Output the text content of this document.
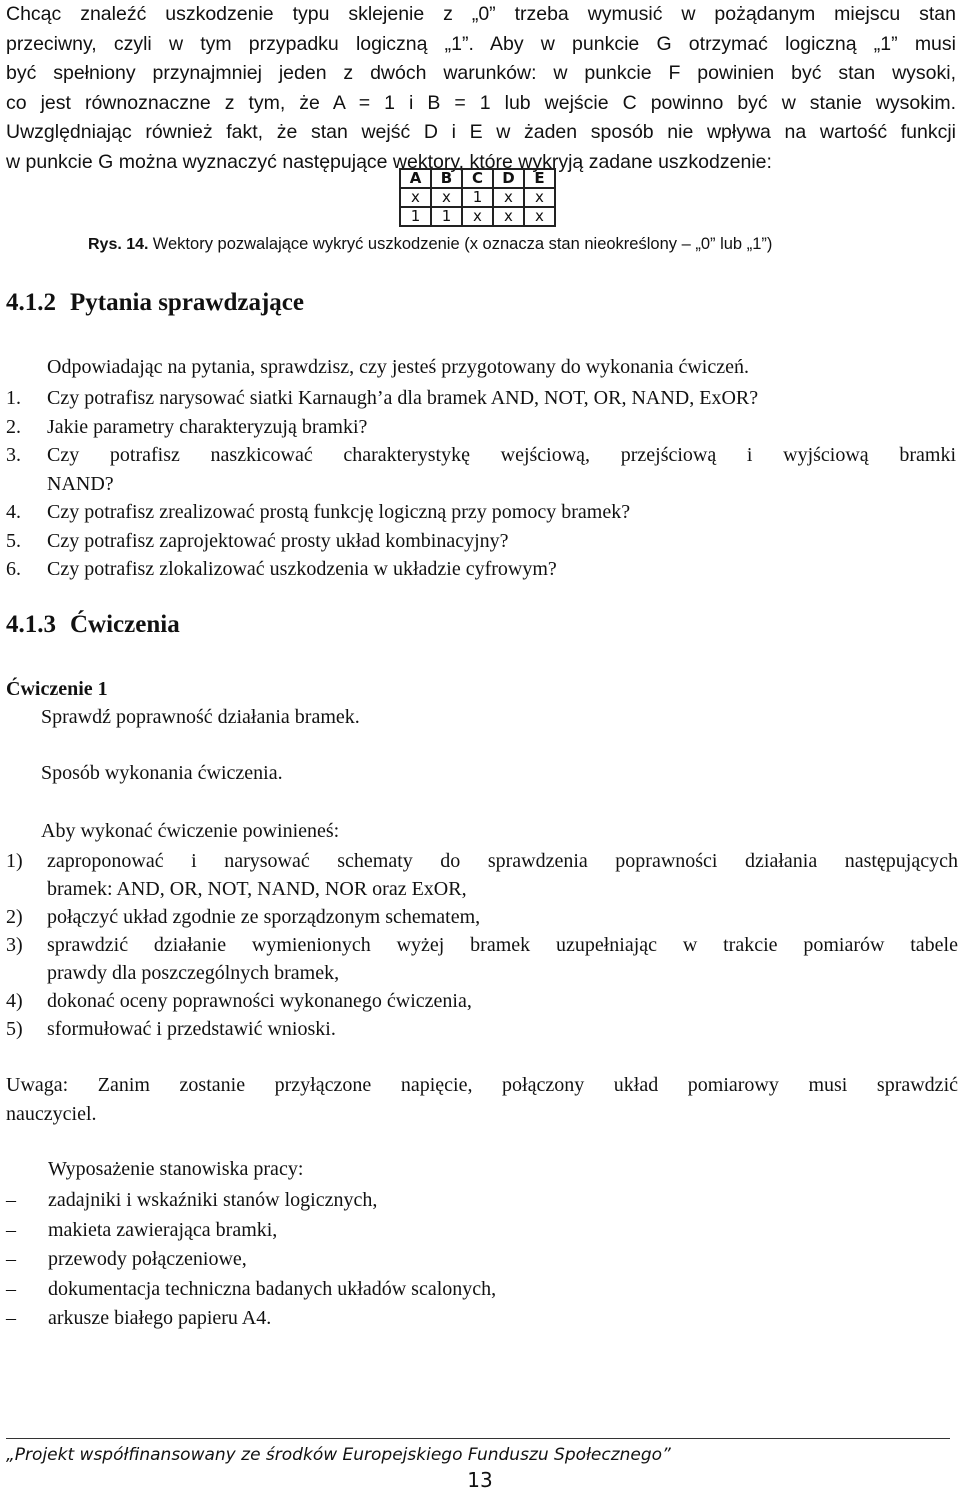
Chcąc znaleźć uszkodzenie typu sklejenie z „0” trzeba wymusić w pożądanym miejscu stan
przeciwny, czyli w tym przypadku logiczną „1”. Aby w punkcie G otrzymać logiczną „1” musi
być spełniony przynajmniej jeden z dwóch warunków: w punkcie F powinien być stan wysoki,
co jest równoznaczne z tym, że A = 1 i B = 1 lub wejście C powinno być w stanie wysokim.
Uwzględniając również fakt, że stan wejść D i E w żaden sposób nie wpływa na wartość funkcji
w punkcie G można wyznaczyć następujące wektory, które wykryją zadane uszkodzenie:
A	B	C	D	E
x	x	1	x	x
1	1	x	x	x
Rys. 14. Wektory pozwalające wykryć uszkodzenie (x oznacza stan nieokreślony – „0” lub „1”)
4.1.2 Pytania sprawdzające
Odpowiadając na pytania, sprawdzisz, czy jesteś przygotowany do wykonania ćwiczeń.
1.	Czy potrafisz narysować siatki Karnaugh’a dla bramek AND, NOT, OR, NAND, ExOR?
2.	Jakie parametry charakteryzują bramki?
3.	Czy potrafisz naszkicować charakterystykę wejściową, przejściową i wyjściową bramki
NAND?
4.	Czy potrafisz zrealizować prostą funkcję logiczną przy pomocy bramek?
5.	Czy potrafisz zaprojektować prosty układ kombinacyjny?
6.	Czy potrafisz zlokalizować uszkodzenia w układzie cyfrowym?
4.1.3 Ćwiczenia
Ćwiczenie 1
Sprawdź poprawność działania bramek.
Sposób wykonania ćwiczenia.
Aby wykonać ćwiczenie powinieneś:
1)	zaproponować i narysować schematy do sprawdzenia poprawności działania następujących
bramek: AND, OR, NOT, NAND, NOR oraz ExOR,
2)	połączyć układ zgodnie ze sporządzonym schematem,
3)	sprawdzić działanie wymienionych wyżej bramek uzupełniając w trakcie pomiarów tabele
prawdy dla poszczególnych bramek,
4)	dokonać oceny poprawności wykonanego ćwiczenia,
5)	sformułować i przedstawić wnioski.
Uwaga: Zanim zostanie przyłączone napięcie, połączony układ pomiarowy musi sprawdzić
nauczyciel.
Wyposażenie stanowiska pracy:
–	zadajniki i wskaźniki stanów logicznych,
–	makieta zawierająca bramki,
–	przewody połączeniowe,
–	dokumentacja techniczna badanych układów scalonych,
–	arkusze białego papieru A4.
„Projekt współfinansowany ze środków Europejskiego Funduszu Społecznego”
13
